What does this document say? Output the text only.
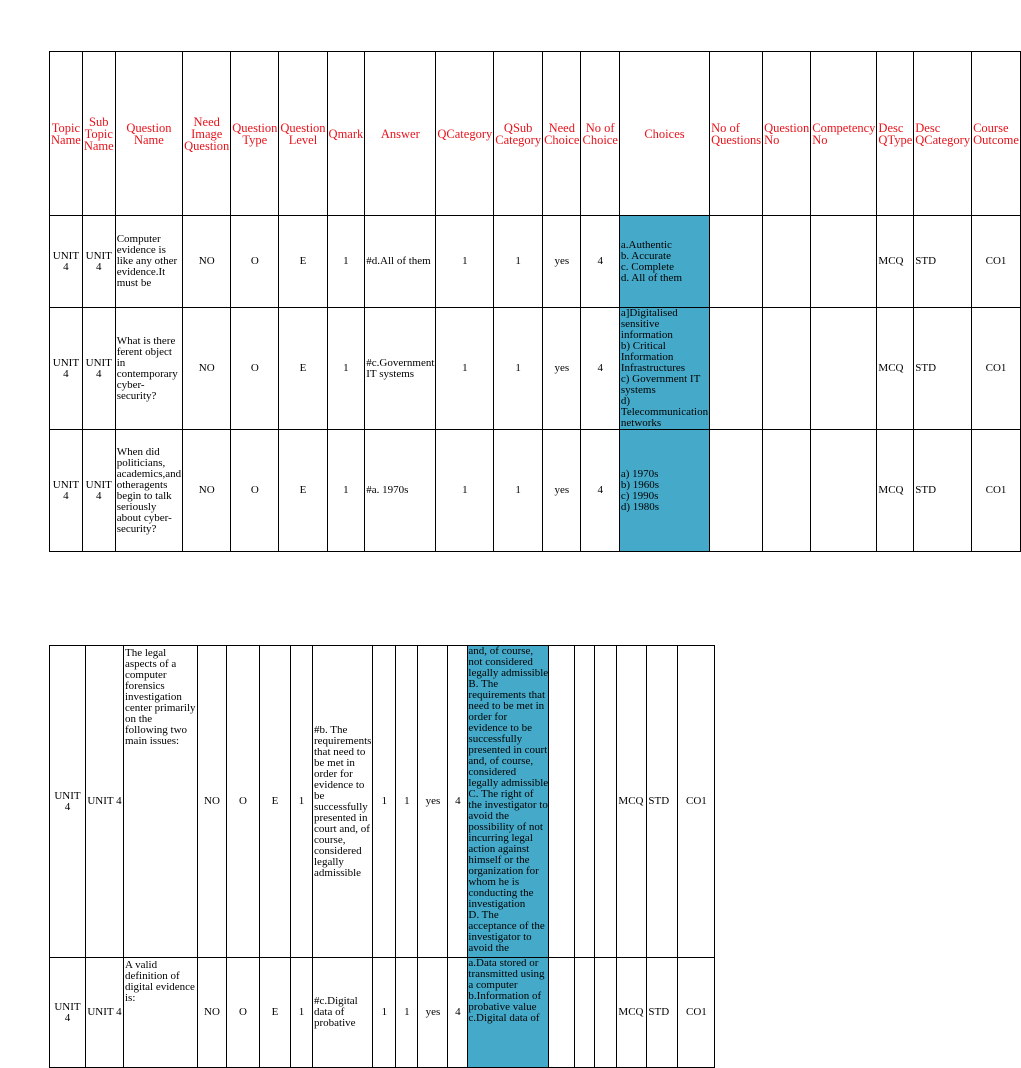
Topic Name	Sub Topic Name	Question Name	Need Image Question	Question Type	Question Level	Qmark	Answer	QCategory	QSub Category	Need Choice	No of Choice	Choices	No of Questions	Question No	Competency No	Desc QType	Desc QCategory	Course Outcome
UNIT 4	UNIT 4	Computer evidence is like any other evidence.It must be	NO	O	E	1	#d.All of them	1	1	yes	4	a.Authentic
b. Accurate
c. Complete
d. All of them				MCQ	STD	CO1
UNIT 4	UNIT 4	What is there ferent object in contemporary cyber-security?	NO	O	E	1	#c.Government IT systems	1	1	yes	4	a]Digitalised sensitive information
b) Critical Information Infrastructures
c) Government IT systems
d) Telecommunication networks				MCQ	STD	CO1
UNIT 4	UNIT 4	When did politicians, academics,and otheragents begin to talk seriously about cyber-security?	NO	O	E	1	#a. 1970s	1	1	yes	4	a) 1970s
b) 1960s
c) 1990s
d) 1980s				MCQ	STD	CO1
UNIT 4	UNIT 4	The legal aspects of a computer forensics investigation center primarily on the following two main issues:	NO	O	E	1	#b. The requirements that need to be met in order for evidence to be successfully presented in court and, of course, considered legally admissible	1	1	yes	4	and, of course, not considered legally admissible
B. The requirements that need to be met in order for evidence to be successfully presented in court and, of course, considered legally admissible
C. The right of the investigator to avoid the possibility of not incurring legal action against himself or the organization for whom he is conducting the investigation
D. The acceptance of the investigator to avoid the				MCQ	STD	CO1
UNIT 4	UNIT 4	A valid definition of digital evidence is:	NO	O	E	1	#c.Digital data of probative	1	1	yes	4	a.Data stored or transmitted using a computer
b.Information of probative value
c.Digital data of				MCQ	STD	CO1
